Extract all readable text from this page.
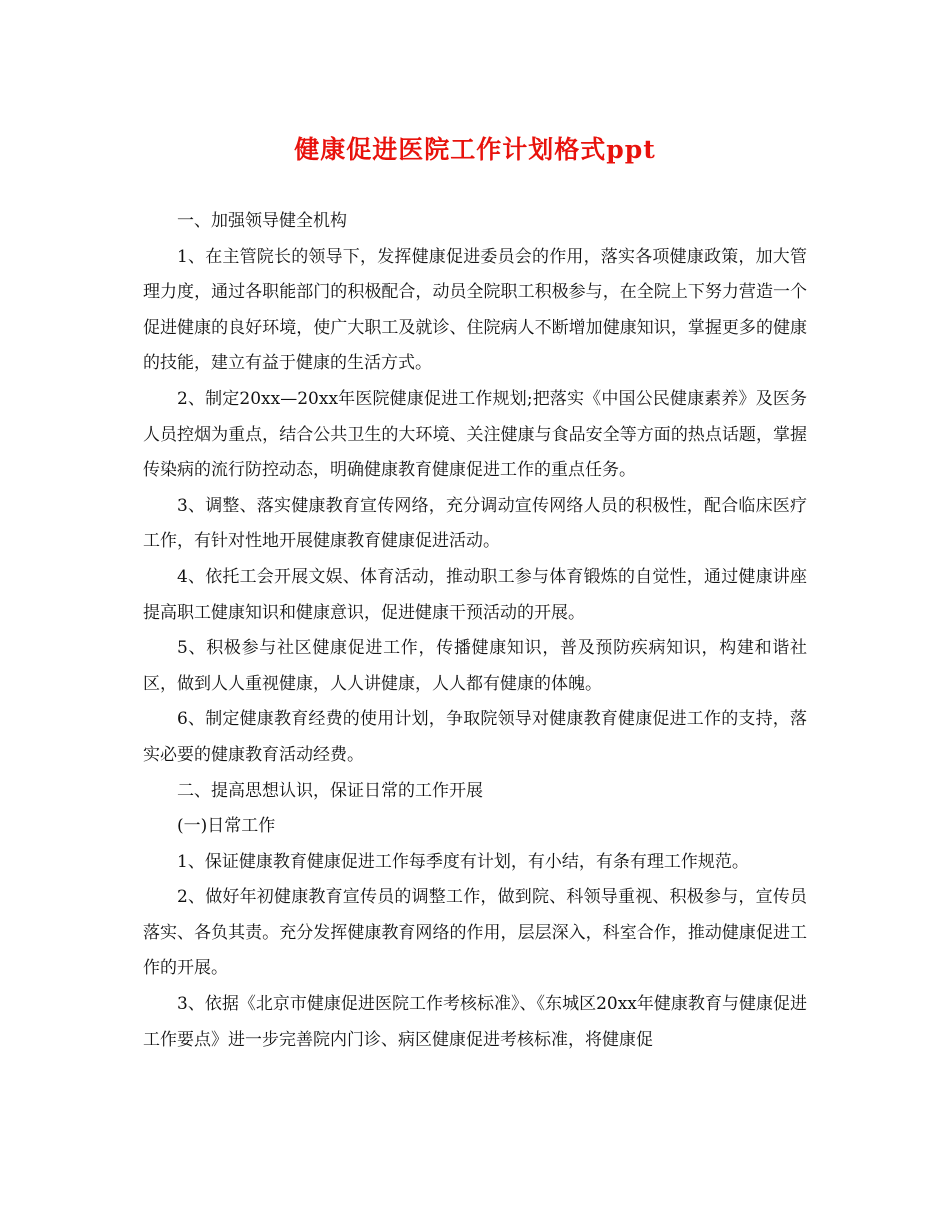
健康促进医院工作计划格式ppt

一、加强领导健全机构

1、在主管院长的领导下，发挥健康促进委员会的作用，落实各项健康政策，加大管理力度，通过各职能部门的积极配合，动员全院职工积极参与，在全院上下努力营造一个促进健康的良好环境，使广大职工及就诊、住院病人不断增加健康知识，掌握更多的健康的技能，建立有益于健康的生活方式。

2、制定20xx—20xx年医院健康促进工作规划;把落实《中国公民健康素养》及医务人员控烟为重点，结合公共卫生的大环境、关注健康与食品安全等方面的热点话题，掌握传染病的流行防控动态，明确健康教育健康促进工作的重点任务。

3、调整、落实健康教育宣传网络，充分调动宣传网络人员的积极性，配合临床医疗工作，有针对性地开展健康教育健康促进活动。

4、依托工会开展文娱、体育活动，推动职工参与体育锻炼的自觉性，通过健康讲座提高职工健康知识和健康意识，促进健康干预活动的开展。

5、积极参与社区健康促进工作，传播健康知识，普及预防疾病知识，构建和谐社区，做到人人重视健康，人人讲健康，人人都有健康的体魄。

6、制定健康教育经费的使用计划，争取院领导对健康教育健康促进工作的支持，落实必要的健康教育活动经费。

二、提高思想认识，保证日常的工作开展

(一)日常工作

1、保证健康教育健康促进工作每季度有计划，有小结，有条有理工作规范。

2、做好年初健康教育宣传员的调整工作，做到院、科领导重视、积极参与，宣传员落实、各负其责。充分发挥健康教育网络的作用，层层深入，科室合作，推动健康促进工作的开展。

3、依据《北京市健康促进医院工作考核标准》、《东城区20xx年健康教育与健康促进工作要点》进一步完善院内门诊、病区健康促进考核标准，将健康促
